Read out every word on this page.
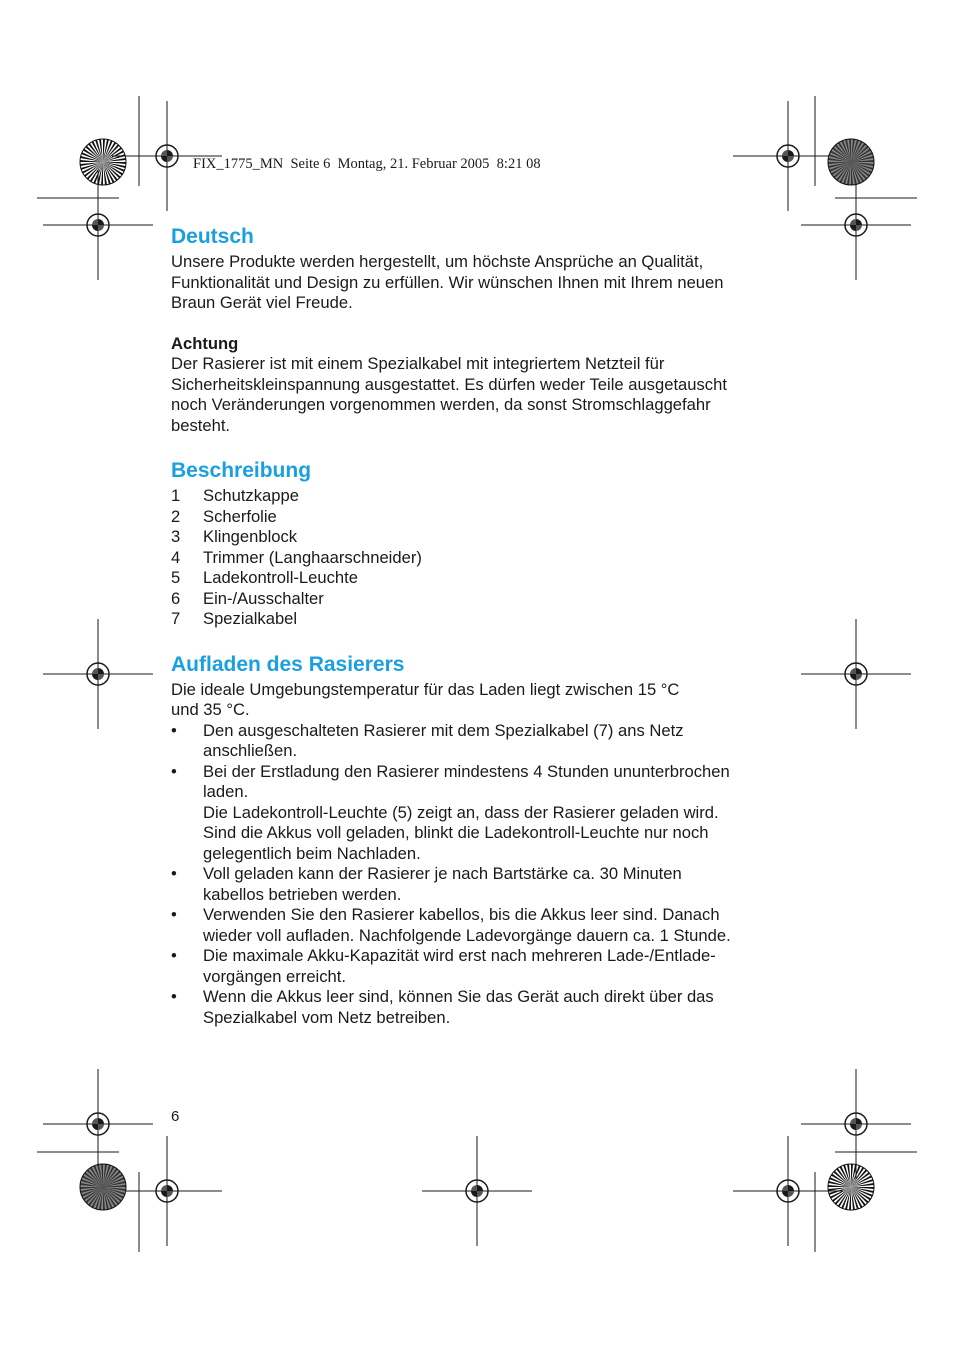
FIX_1775_MN  Seite 6  Montag, 21. Februar 2005  8:21 08
Deutsch
Unsere Produkte werden hergestellt, um höchste Ansprüche an Qualität,
Funktionalität und Design zu erfüllen. Wir wünschen Ihnen mit Ihrem neuen
Braun Gerät viel Freude.
Achtung
Der Rasierer ist mit einem Spezialkabel mit integriertem Netzteil für
Sicherheitskleinspannung ausgestattet. Es dürfen weder Teile ausgetauscht
noch Veränderungen vorgenommen werden, da sonst Stromschlaggefahr
besteht.
Beschreibung
1	Schutzkappe
2	Scherfolie
3	Klingenblock
4	Trimmer (Langhaarschneider)
5	Ladekontroll-Leuchte
6	Ein-/Ausschalter
7	Spezialkabel
Aufladen des Rasierers
Die ideale Umgebungstemperatur für das Laden liegt zwischen 15 °C
und 35 °C.
•	Den ausgeschalteten Rasierer mit dem Spezialkabel (7) ans Netz
anschließen.
•	Bei der Erstladung den Rasierer mindestens 4 Stunden ununterbrochen
laden.
Die Ladekontroll-Leuchte (5) zeigt an, dass der Rasierer geladen wird.
Sind die Akkus voll geladen, blinkt die Ladekontroll-Leuchte nur noch
gelegentlich beim Nachladen.
•	Voll geladen kann der Rasierer je nach Bartstärke ca. 30 Minuten
kabellos betrieben werden.
•	Verwenden Sie den Rasierer kabellos, bis die Akkus leer sind. Danach
wieder voll aufladen. Nachfolgende Ladevorgänge dauern ca. 1 Stunde.
•	Die maximale Akku-Kapazität wird erst nach mehreren Lade-/Entlade-
vorgängen erreicht.
•	Wenn die Akkus leer sind, können Sie das Gerät auch direkt über das
Spezialkabel vom Netz betreiben.
6
